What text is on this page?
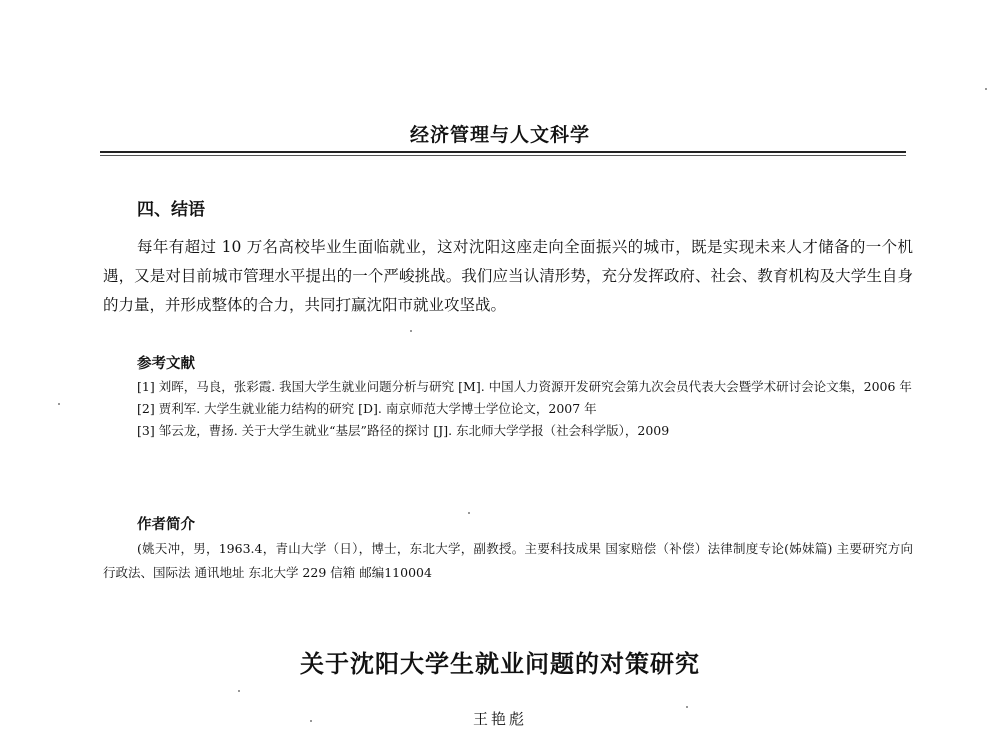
经济管理与人文科学
四、结语
每年有超过 10 万名高校毕业生面临就业，这对沈阳这座走向全面振兴的城市，既是实现未来人才储备的一个机遇，又是对目前城市管理水平提出的一个严峻挑战。我们应当认清形势，充分发挥政府、社会、教育机构及大学生自身的力量，并形成整体的合力，共同打赢沈阳市就业攻坚战。
参考文献
[1] 刘晖，马良，张彩霞. 我国大学生就业问题分析与研究 [M]. 中国人力资源开发研究会第九次会员代表大会暨学术研讨会论文集，2006 年
[2] 贾利军. 大学生就业能力结构的研究 [D]. 南京师范大学博士学位论文，2007 年
[3] 邹云龙，曹扬. 关于大学生就业“基层”路径的探讨 [J]. 东北师大学学报（社会科学版），2009
作者简介
(姚天冲，男，1963.4，青山大学（日），博士，东北大学，副教授。主要科技成果 国家赔偿（补偿）法律制度专论(姊妹篇) 主要研究方向 行政法、国际法 通讯地址 东北大学 229 信箱 邮编110004
关于沈阳大学生就业问题的对策研究
王艳彪
